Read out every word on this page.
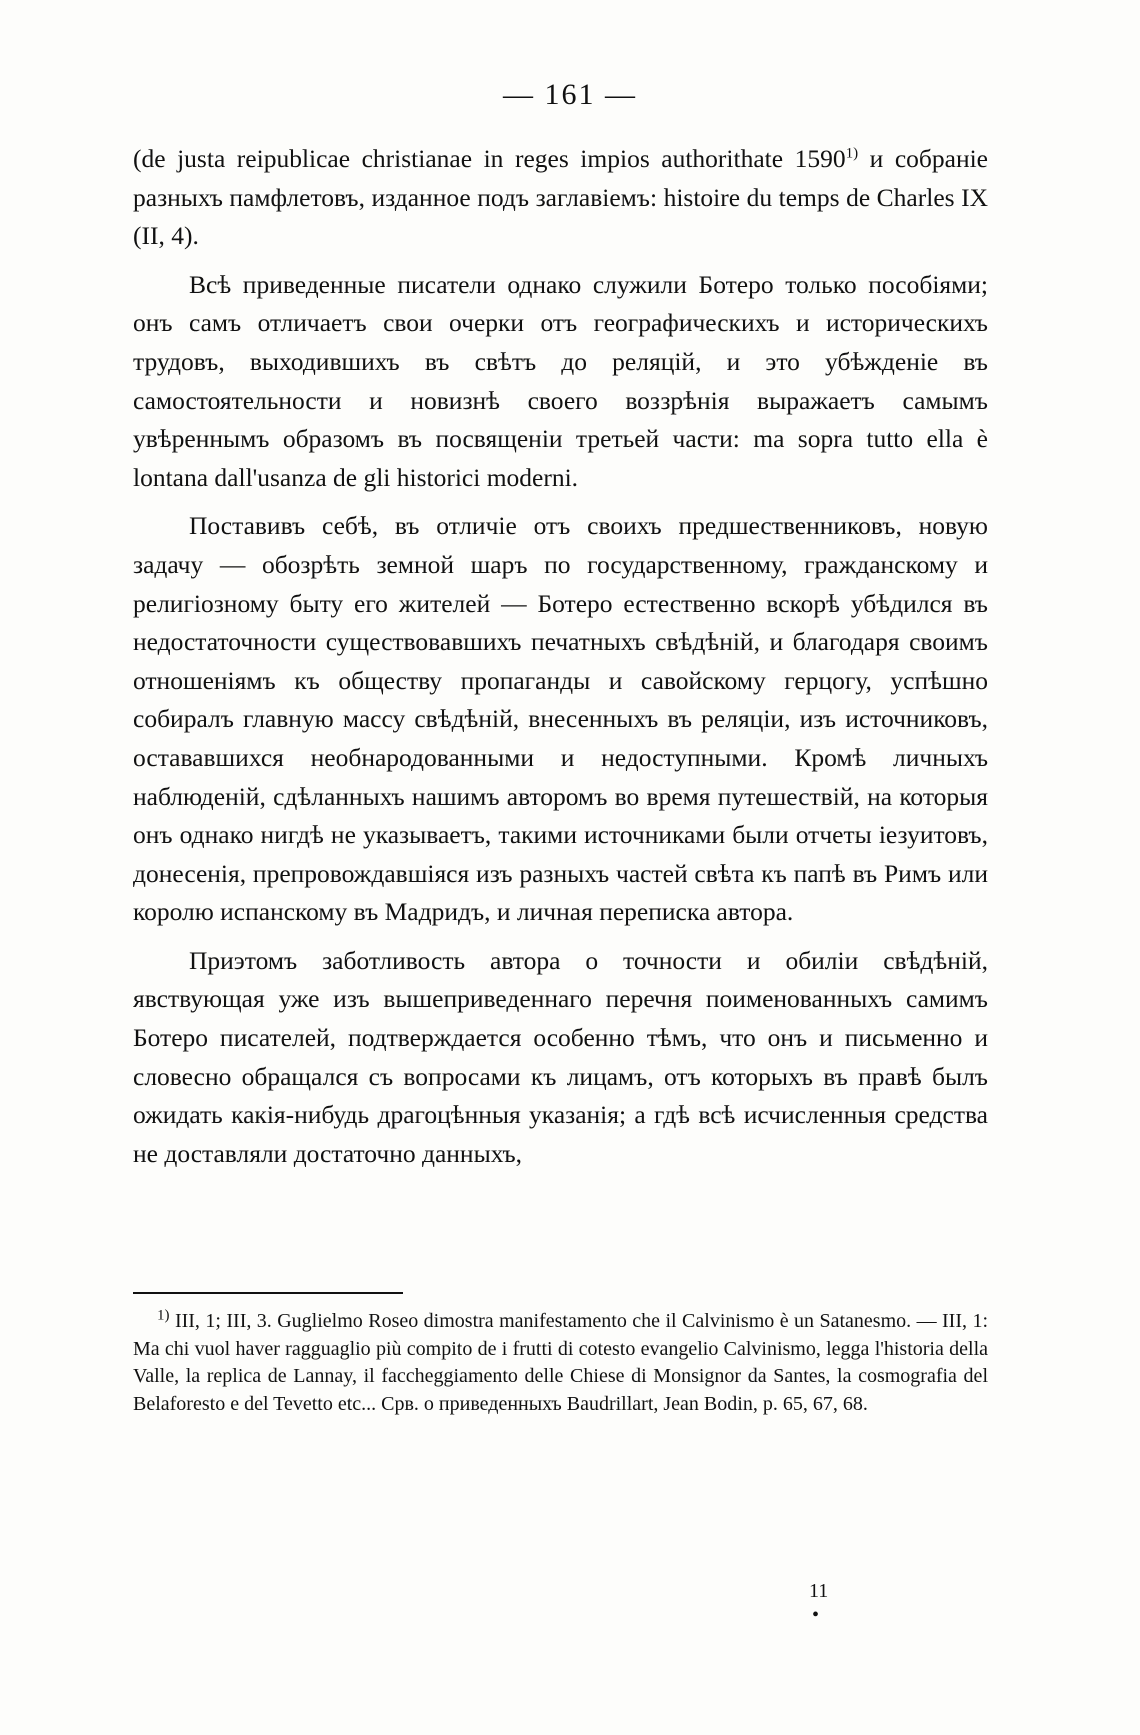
— 161 —

(de justa reipublicae christianae in reges impios authorithate 1590$^{1)}$ и собраніе разныхъ памфлетовъ, изданное подъ заглавіемъ: histoire du temps de Charles IX (II, 4).

Всѣ приведенные писатели однако служили Ботеро только пособіями; онъ самъ отличаетъ свои очерки отъ географическихъ и историческихъ трудовъ, выходившихъ въ свѣтъ до реляцій, и это убѣжденіе въ самостоятельности и новизнѣ своего воззрѣнія выражаетъ самымъ увѣреннымъ образомъ въ посвященіи третьей части: ma sopra tutto ella è lontana dall'usanza de gli historici moderni.

Поставивъ себѣ, въ отличіе отъ своихъ предшественниковъ, новую задачу — обозрѣть земной шаръ по государственному, гражданскому и религіозному быту его жителей — Ботеро естественно вскорѣ убѣдился въ недостаточности существовавшихъ печатныхъ свѣдѣній, и благодаря своимъ отношеніямъ къ обществу пропаганды и савойскому герцогу, успѣшно собиралъ главную массу свѣдѣній, внесенныхъ въ реляціи, изъ источниковъ, остававшихся необнародованными и недоступными. Кромѣ личныхъ наблюденій, сдѣланныхъ нашимъ авторомъ во время путешествій, на которыя онъ однако нигдѣ не указываетъ, такими источниками были отчеты іезуитовъ, донесенія, препровождавшіяся изъ разныхъ частей свѣта къ папѣ въ Римъ или королю испанскому въ Мадридъ, и личная переписка автора.

Приэтомъ заботливость автора о точности и обиліи свѣдѣній, явствующая уже изъ вышеприведеннаго перечня поименованныхъ самимъ Ботеро писателей, подтверждается особенно тѣмъ, что онъ и письменно и словесно обращался съ вопросами къ лицамъ, отъ которыхъ въ правѣ былъ ожидать какія-нибудь драгоцѣнныя указанія; а гдѣ всѣ исчисленныя средства не доставляли достаточно данныхъ,

$^{1)}$ III, 1; III, 3. Guglielmo Roseo dimostra manifestamento che il Calvinismo è un Satanesmo. — III, 1: Ma chi vuol haver ragguaglio più compito de i frutti di cotesto evangelio Calvinismo, legga l'historia della Valle, la replica de Lannay, il facchеggiamento delle Chiese di Monsignor da Santes, la cosmografia del Belaforesto e del Tevetto etc... Срв. о приведенныхъ Baudrillart, Jean Bodin, p. 65, 67, 68.

11
•
